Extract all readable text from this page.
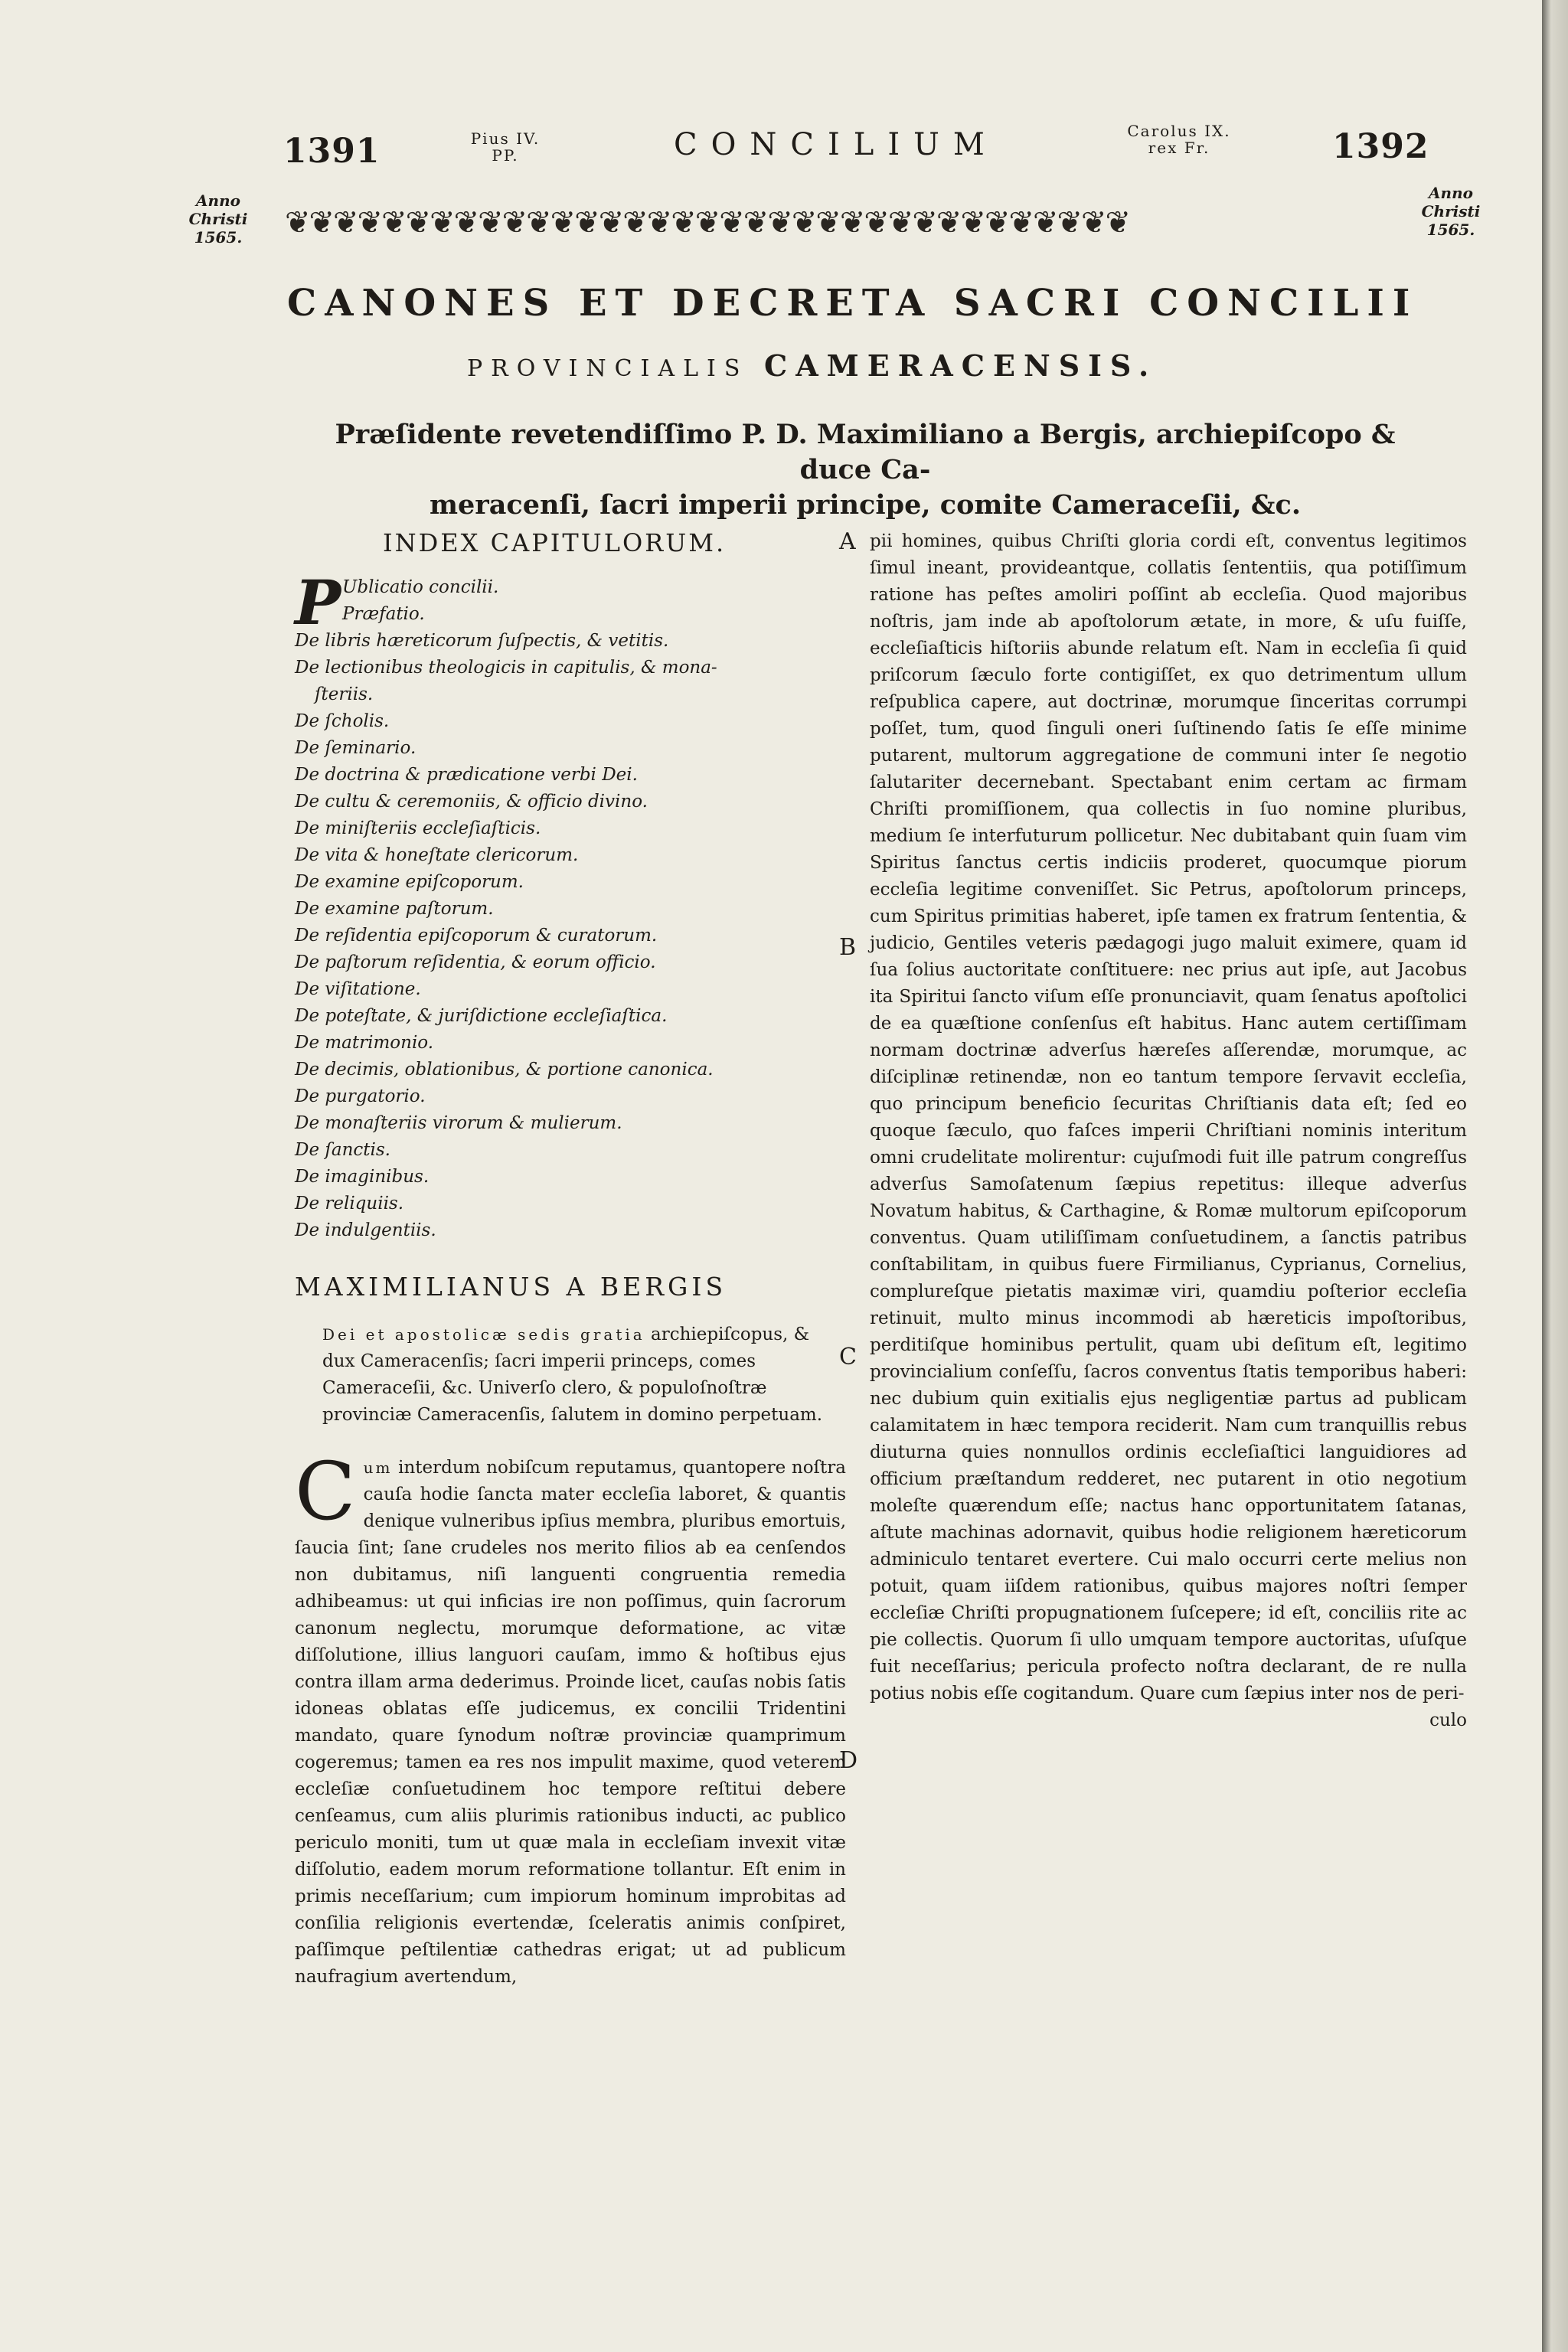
1391	Pius IV.
PP.	CONCILIUM	Carolus IX.
rex Fr.	1392
Anno
Christi
1565.
Anno
Christi
1565.
❦❦❦❦❦❦❦❦❦❦❦❦❦❦❦❦❦❦❦❦❦❦❦❦❦❦❦❦❦❦❦❦❦❦❦
CANONES ET DECRETA SACRI CONCILII
PROVINCIALIS CAMERACENSIS.
Præſidente revetendiſſimo P. D. Maximiliano a Bergis, archiepiſcopo & duce Ca-
meracenſi, ſacri imperii principe, comite Cameraceſii, &c.
INDEX CAPITULORUM.
P Ublicatio concilii.
Præfatio.
De libris hæreticorum ſuſpectis, & vetitis.
De lectionibus theologicis in capitulis, & mona-
ſteriis.
De ſcholis.
De ſeminario.
De doctrina & prædicatione verbi Dei.
De cultu & ceremoniis, & officio divino.
De miniſteriis eccleſiaſticis.
De vita & honeſtate clericorum.
De examine epiſcoporum.
De examine paſtorum.
De reſidentia epiſcoporum & curatorum.
De paſtorum reſidentia, & eorum officio.
De viſitatione.
De poteſtate, & juriſdictione eccleſiaſtica.
De matrimonio.
De decimis, oblationibus, & portione canonica.
De purgatorio.
De monaſteriis virorum & mulierum.
De ſanctis.
De imaginibus.
De reliquiis.
De indulgentiis.
MAXIMILIANUS A BERGIS
Dei et apostolicæ sedis gratia archiepiſcopus, & dux Cameracenſis; ſacri imperii princeps, comes Cameraceſii, &c. Univerſo clero, & populoſnoſtræ provinciæ Cameracenſis, ſalutem in domino perpetuam.
C um interdum nobiſcum reputamus, quantopere noſtra cauſa hodie ſancta mater eccleſia laboret, & quantis denique vulneribus ipſius membra, pluribus emortuis, ſaucia ſint; ſane crudeles nos merito filios ab ea cenſendos non dubitamus, niſi languenti congruentia remedia adhibeamus: ut qui inficias ire non poſſimus, quin ſacrorum canonum neglectu, morumque deformatione, ac vitæ diſſolutione, illius languori cauſam, immo & hoſtibus ejus contra illam arma dederimus. Proinde licet, cauſas nobis ſatis idoneas oblatas eſſe judicemus, ex concilii Tridentini mandato, quare ſynodum noſtræ provinciæ quamprimum cogeremus; tamen ea res nos impulit maxime, quod veterem eccleſiæ conſuetudinem hoc tempore reſtitui debere cenſeamus, cum aliis plurimis rationibus inducti, ac publico periculo moniti, tum ut quæ mala in eccleſiam invexit vitæ diſſolutio, eadem morum reformatione tollantur. Eſt enim in primis neceſſarium; cum impiorum hominum improbitas ad conſilia religionis evertendæ, ſceleratis animis conſpiret, paſſimque peſtilentiæ cathedras erigat; ut ad publicum naufragium avertendum,
A
B
C
D
pii homines, quibus Chriſti gloria cordi eſt, conventus legitimos ſimul ineant, provideantque, collatis ſententiis, qua potiſſimum ratione has peſtes amoliri poſſint ab eccleſia. Quod majoribus noſtris, jam inde ab apoſtolorum ætate, in more, & uſu fuiſſe, eccleſiaſticis hiſtoriis abunde relatum eſt. Nam in eccleſia ſi quid priſcorum ſæculo forte contigiſſet, ex quo detrimentum ullum reſpublica capere, aut doctrinæ, morumque ſinceritas corrumpi poſſet, tum, quod ſinguli oneri ſuſtinendo ſatis ſe eſſe minime putarent, multorum aggregatione de communi inter ſe negotio ſalutariter decernebant. Spectabant enim certam ac firmam Chriſti promiſſionem, qua collectis in ſuo nomine pluribus, medium ſe interfuturum pollicetur. Nec dubitabant quin ſuam vim Spiritus ſanctus certis indiciis proderet, quocumque piorum eccleſia legitime conveniſſet. Sic Petrus, apoſtolorum princeps, cum Spiritus primitias haberet, ipſe tamen ex fratrum ſententia, & judicio, Gentiles veteris pædagogi jugo maluit eximere, quam id ſua ſolius auctoritate conſtituere: nec prius aut ipſe, aut Jacobus ita Spiritui ſancto viſum eſſe pronunciavit, quam ſenatus apoſtolici de ea quæſtione conſenſus eſt habitus. Hanc autem certiſſimam normam doctrinæ adverſus hæreſes aſſerendæ, morumque, ac diſciplinæ retinendæ, non eo tantum tempore ſervavit eccleſia, quo principum beneficio ſecuritas Chriſtianis data eſt; ſed eo quoque ſæculo, quo faſces imperii Chriſtiani nominis interitum omni crudelitate molirentur: cujuſmodi fuit ille patrum congreſſus adverſus Samoſatenum ſæpius repetitus: illeque adverſus Novatum habitus, & Carthagine, & Romæ multorum epiſcoporum conventus. Quam utiliſſimam conſuetudinem, a ſanctis patribus conſtabilitam, in quibus fuere Firmilianus, Cyprianus, Cornelius, complureſque pietatis maximæ viri, quamdiu poſterior eccleſia retinuit, multo minus incommodi ab hæreticis impoſtoribus, perditiſque hominibus pertulit, quam ubi deſitum eſt, legitimo provincialium conſeſſu, ſacros conventus ſtatis temporibus haberi: nec dubium quin exitialis ejus negligentiæ partus ad publicam calamitatem in hæc tempora reciderit. Nam cum tranquillis rebus diuturna quies nonnullos ordinis eccleſiaſtici languidiores ad officium præſtandum redderet, nec putarent in otio negotium moleſte quærendum eſſe; nactus hanc opportunitatem ſatanas, aſtute machinas adornavit, quibus hodie religionem hæreticorum adminiculo tentaret evertere. Cui malo occurri certe melius non potuit, quam iiſdem rationibus, quibus majores noſtri ſemper eccleſiæ Chriſti propugnationem ſuſcepere; id eſt, conciliis rite ac pie collectis. Quorum ſi ullo umquam tempore auctoritas, uſuſque fuit neceſſarius; pericula profecto noſtra declarant, de re nulla potius nobis eſſe cogitandum. Quare cum ſæpius inter nos de peri-
culo
